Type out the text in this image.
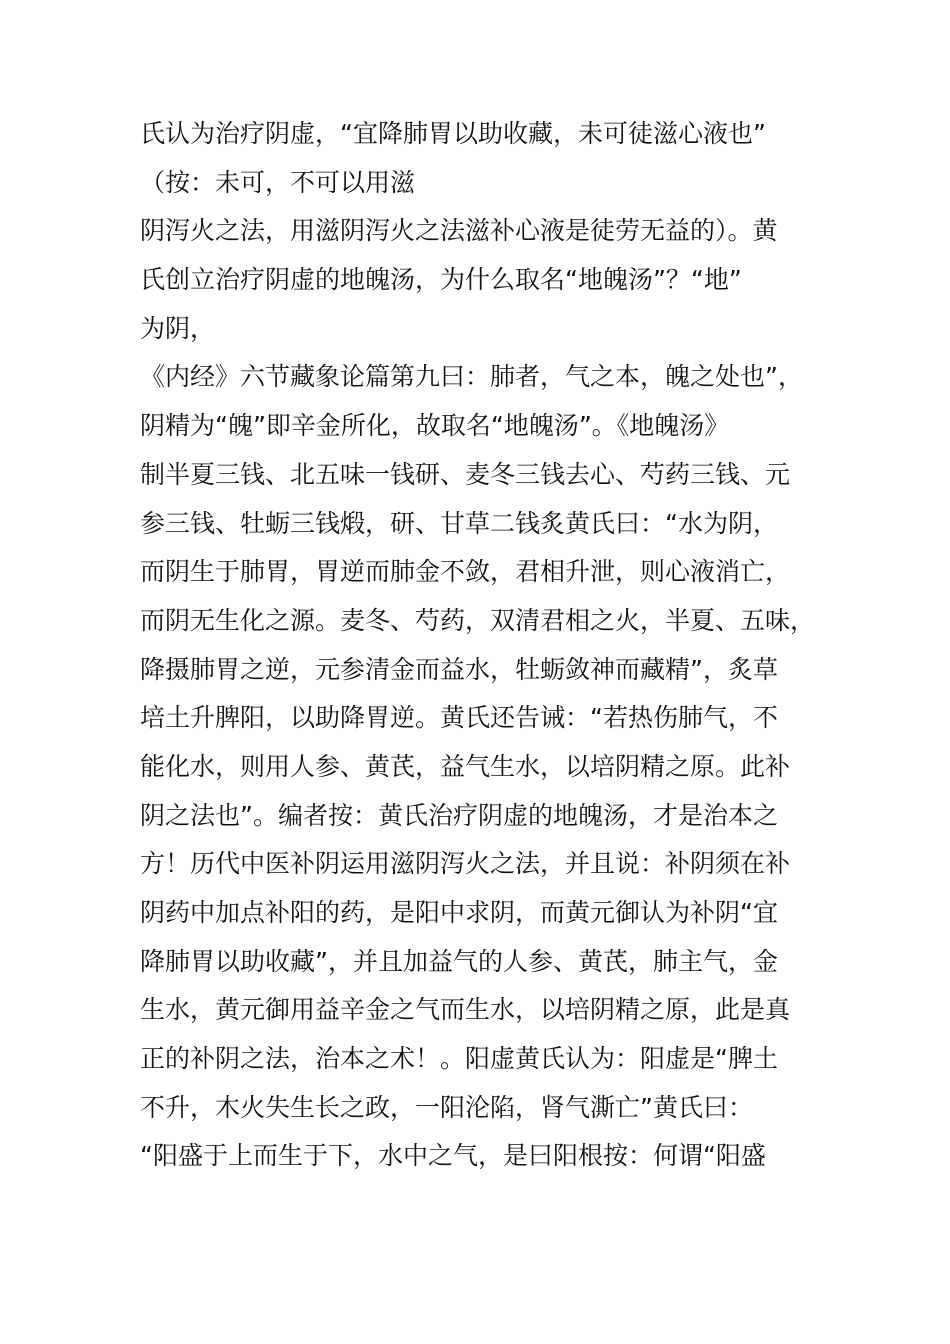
氏认为治疗阴虚，“宜降肺胃以助收藏，未可徒滋心液也”
（按：未可，不可以用滋
阴泻火之法，用滋阴泻火之法滋补心液是徒劳无益的）。黄
氏创立治疗阴虚的地魄汤，为什么取名“地魄汤”？“地”
为阴，
《内经》六节藏象论篇第九曰：肺者，气之本，魄之处也”，
阴精为“魄”即辛金所化，故取名“地魄汤”。《地魄汤》
制半夏三钱、北五味一钱研、麦冬三钱去心、芍药三钱、元
参三钱、牡蛎三钱煅，研、甘草二钱炙黄氏曰：“水为阴，
而阴生于肺胃，胃逆而肺金不敛，君相升泄，则心液消亡，
而阴无生化之源。麦冬、芍药，双清君相之火，半夏、五味，
降摄肺胃之逆，元参清金而益水，牡蛎敛神而藏精”，炙草
培土升脾阳，以助降胃逆。黄氏还告诫：“若热伤肺气，不
能化水，则用人参、黄芪，益气生水，以培阴精之原。此补
阴之法也”。编者按：黄氏治疗阴虚的地魄汤，才是治本之
方！历代中医补阴运用滋阴泻火之法，并且说：补阴须在补
阴药中加点补阳的药，是阳中求阴，而黄元御认为补阴“宜
降肺胃以助收藏”，并且加益气的人参、黄芪，肺主气，金
生水，黄元御用益辛金之气而生水，以培阴精之原，此是真
正的补阴之法，治本之术！。阳虚黄氏认为：阳虚是“脾土
不升，木火失生长之政，一阳沦陷，肾气澌亡”黄氏曰：
“阳盛于上而生于下，水中之气，是曰阳根按：何谓“阳盛
